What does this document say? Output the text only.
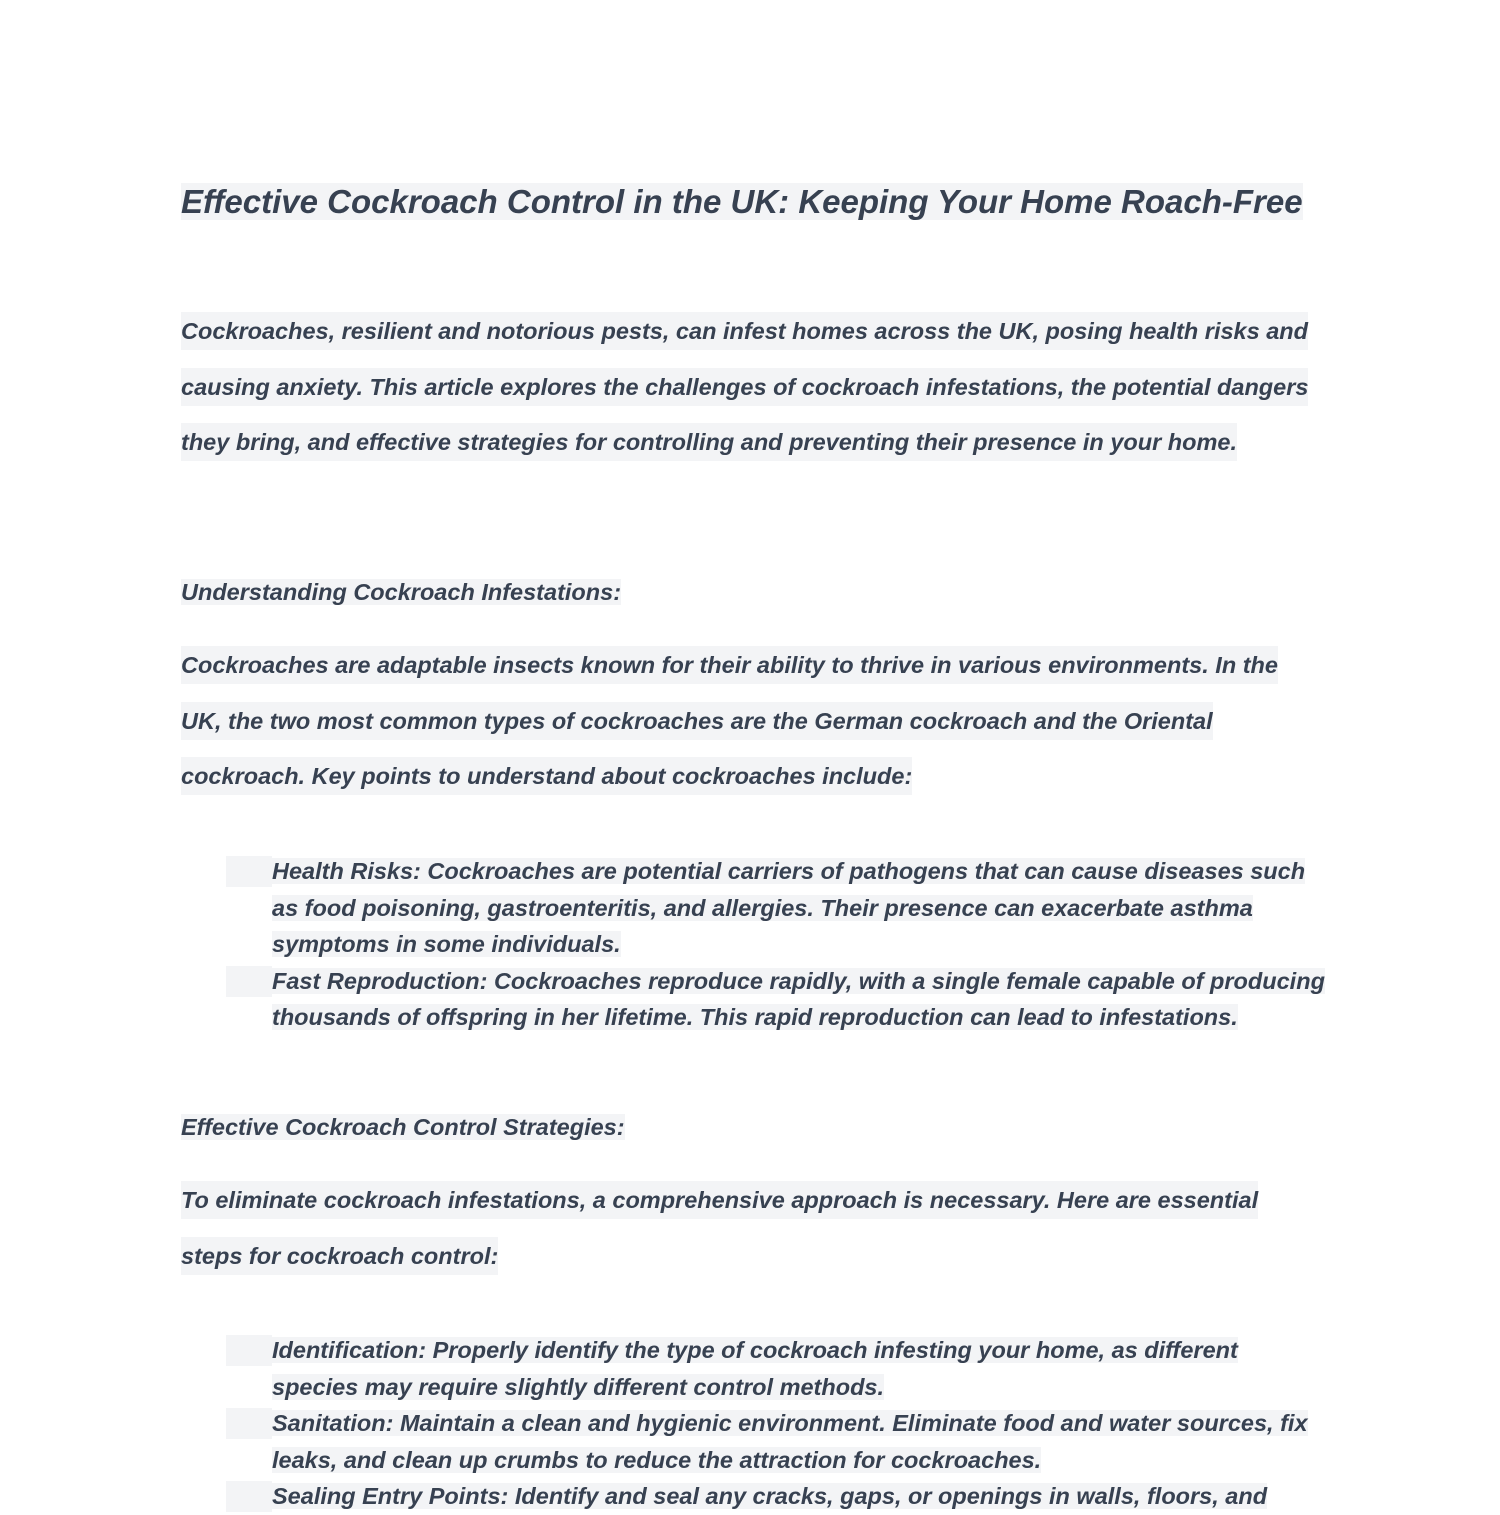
Effective Cockroach Control in the UK: Keeping Your Home Roach-Free

Cockroaches, resilient and notorious pests, can infest homes across the UK, posing health risks and causing anxiety. This article explores the challenges of cockroach infestations, the potential dangers they bring, and effective strategies for controlling and preventing their presence in your home.

Understanding Cockroach Infestations:

Cockroaches are adaptable insects known for their ability to thrive in various environments. In the UK, the two most common types of cockroaches are the German cockroach and the Oriental cockroach. Key points to understand about cockroaches include:

Health Risks: Cockroaches are potential carriers of pathogens that can cause diseases such as food poisoning, gastroenteritis, and allergies. Their presence can exacerbate asthma symptoms in some individuals.
Fast Reproduction: Cockroaches reproduce rapidly, with a single female capable of producing thousands of offspring in her lifetime. This rapid reproduction can lead to infestations.
Effective Cockroach Control Strategies:

To eliminate cockroach infestations, a comprehensive approach is necessary. Here are essential steps for cockroach control:

Identification: Properly identify the type of cockroach infesting your home, as different species may require slightly different control methods.
Sanitation: Maintain a clean and hygienic environment. Eliminate food and water sources, fix leaks, and clean up crumbs to reduce the attraction for cockroaches.
Sealing Entry Points: Identify and seal any cracks, gaps, or openings in walls, floors, and
